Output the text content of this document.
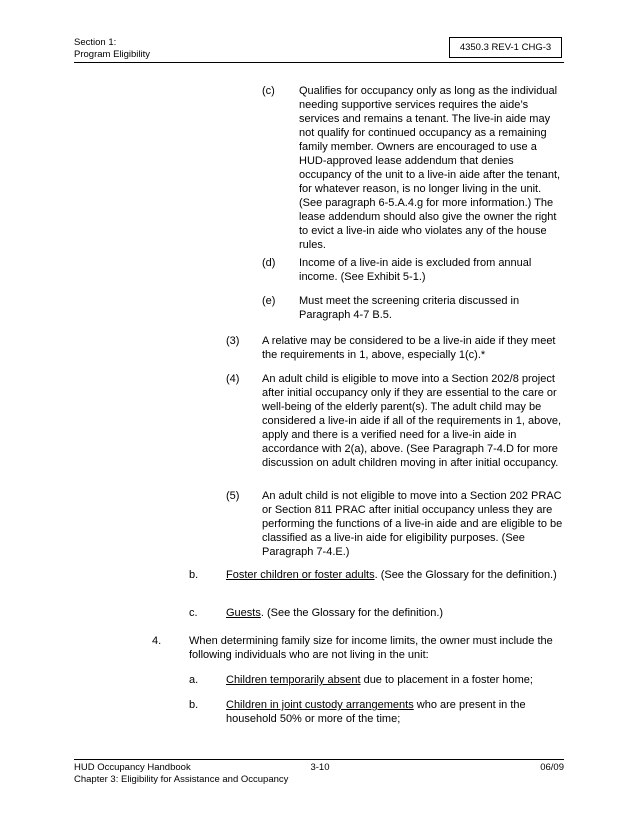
Section 1:
Program Eligibility
4350.3 REV-1 CHG-3
(c) Qualifies for occupancy only as long as the individual needing supportive services requires the aide’s services and remains a tenant. The live-in aide may not qualify for continued occupancy as a remaining family member. Owners are encouraged to use a HUD-approved lease addendum that denies occupancy of the unit to a live-in aide after the tenant, for whatever reason, is no longer living in the unit. (See paragraph 6-5.A.4.g for more information.) The lease addendum should also give the owner the right to evict a live-in aide who violates any of the house rules.
(d) Income of a live-in aide is excluded from annual income. (See Exhibit 5-1.)
(e) Must meet the screening criteria discussed in Paragraph 4-7 B.5.
(3) A relative may be considered to be a live-in aide if they meet the requirements in 1, above, especially 1(c).*
(4) An adult child is eligible to move into a Section 202/8 project after initial occupancy only if they are essential to the care or well-being of the elderly parent(s). The adult child may be considered a live-in aide if all of the requirements in 1, above, apply and there is a verified need for a live-in aide in accordance with 2(a), above. (See Paragraph 7-4.D for more discussion on adult children moving in after initial occupancy.
(5) An adult child is not eligible to move into a Section 202 PRAC or Section 811 PRAC after initial occupancy unless they are performing the functions of a live-in aide and are eligible to be classified as a live-in aide for eligibility purposes. (See Paragraph 7-4.E.)
b.	Foster children or foster adults. (See the Glossary for the definition.)
c.	Guests. (See the Glossary for the definition.)
4.	When determining family size for income limits, the owner must include the following individuals who are not living in the unit:
a.	Children temporarily absent due to placement in a foster home;
b.	Children in joint custody arrangements who are present in the household 50% or more of the time;
HUD Occupancy Handbook
Chapter 3: Eligibility for Assistance and Occupancy
3-10	06/09
